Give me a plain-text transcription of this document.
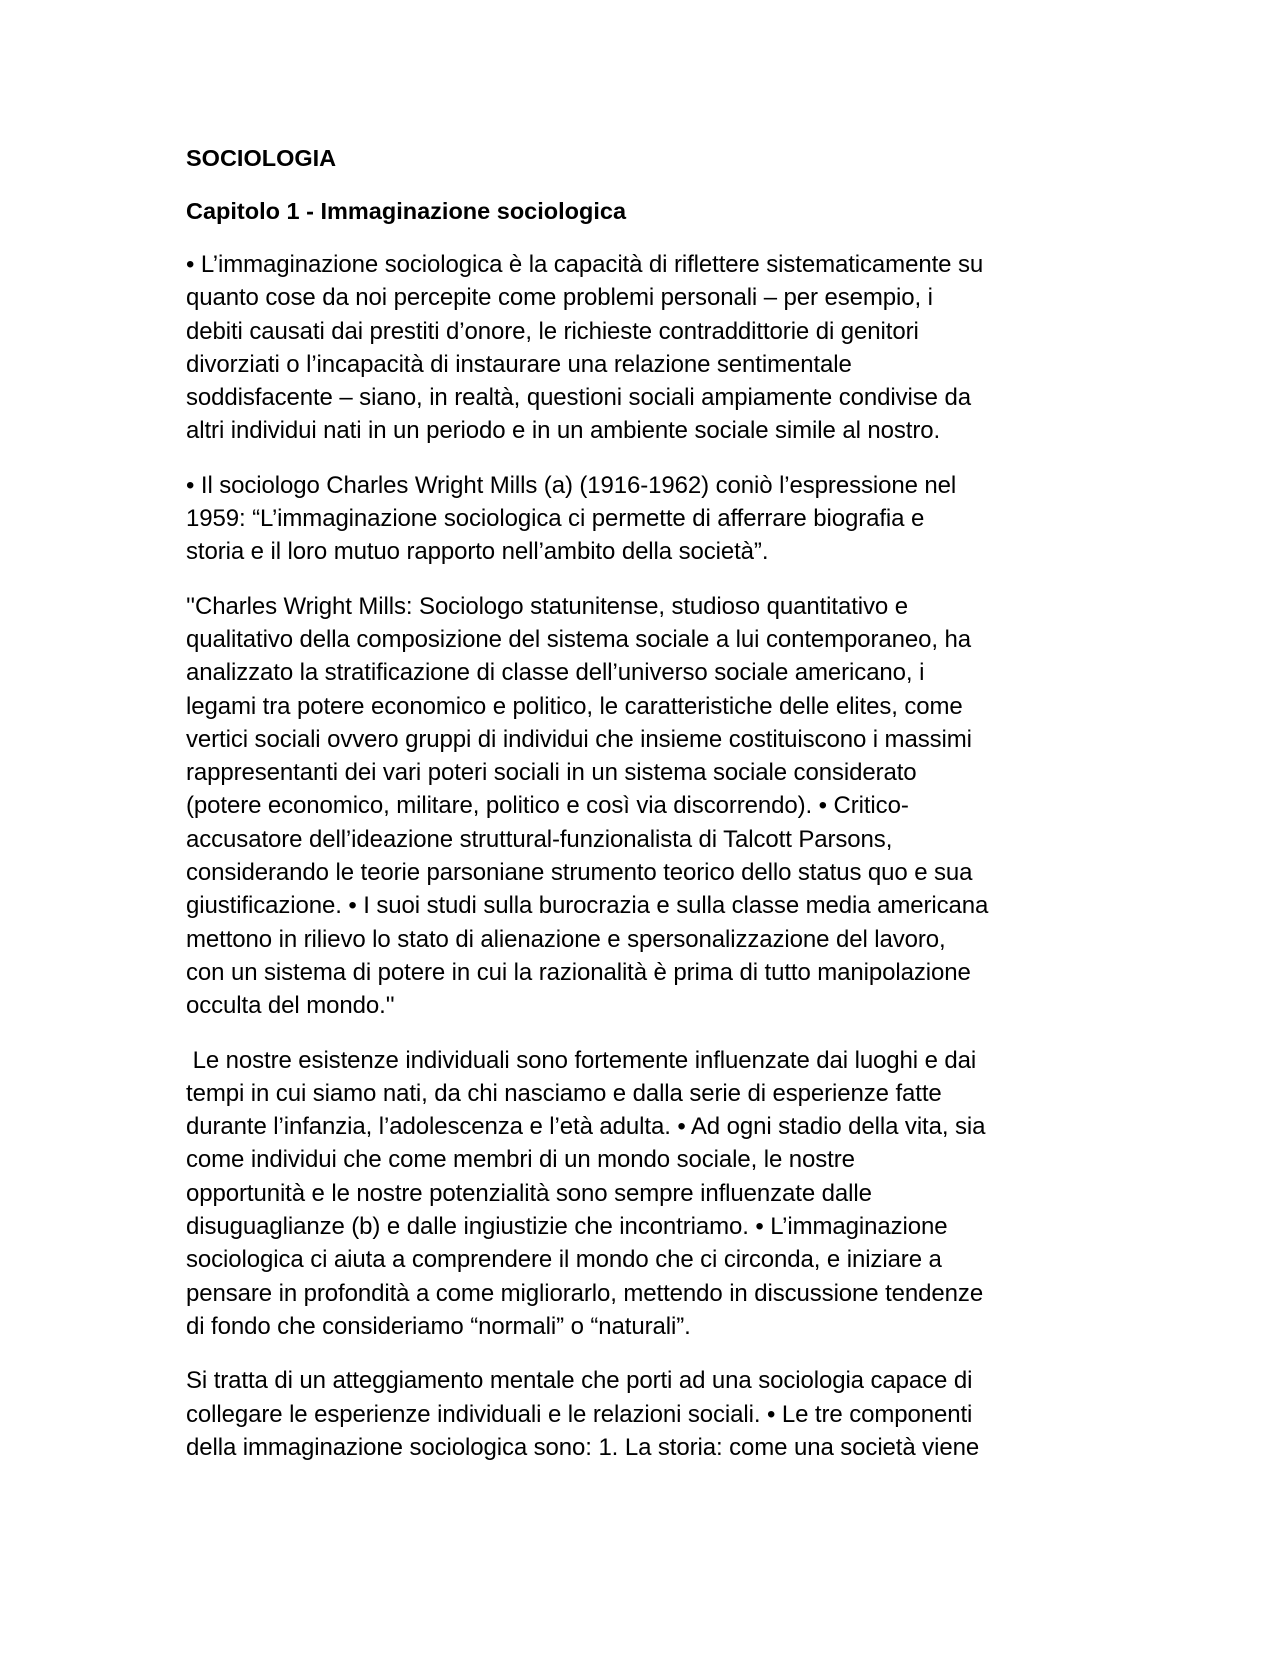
SOCIOLOGIA
Capitolo 1 - Immaginazione sociologica
• L’immaginazione sociologica è la capacità di riflettere sistematicamente su
quanto cose da noi percepite come problemi personali – per esempio, i
debiti causati dai prestiti d’onore, le richieste contraddittorie di genitori
divorziati o l’incapacità di instaurare una relazione sentimentale
soddisfacente – siano, in realtà, questioni sociali ampiamente condivise da
altri individui nati in un periodo e in un ambiente sociale simile al nostro.
• Il sociologo Charles Wright Mills (a) (1916-1962) coniò l’espressione nel
1959: “L’immaginazione sociologica ci permette di afferrare biografia e
storia e il loro mutuo rapporto nell’ambito della società”.
''Charles Wright Mills: Sociologo statunitense, studioso quantitativo e
qualitativo della composizione del sistema sociale a lui contemporaneo, ha
analizzato la stratificazione di classe dell’universo sociale americano, i
legami tra potere economico e politico, le caratteristiche delle elites, come
vertici sociali ovvero gruppi di individui che insieme costituiscono i massimi
rappresentanti dei vari poteri sociali in un sistema sociale considerato
(potere economico, militare, politico e così via discorrendo). • Critico-
accusatore dell’ideazione struttural-funzionalista di Talcott Parsons,
considerando le teorie parsoniane strumento teorico dello status quo e sua
giustificazione. • I suoi studi sulla burocrazia e sulla classe media americana
mettono in rilievo lo stato di alienazione e spersonalizzazione del lavoro,
con un sistema di potere in cui la razionalità è prima di tutto manipolazione
occulta del mondo.''
Le nostre esistenze individuali sono fortemente influenzate dai luoghi e dai
tempi in cui siamo nati, da chi nasciamo e dalla serie di esperienze fatte
durante l’infanzia, l’adolescenza e l’età adulta. • Ad ogni stadio della vita, sia
come individui che come membri di un mondo sociale, le nostre
opportunità e le nostre potenzialità sono sempre influenzate dalle
disuguaglianze (b) e dalle ingiustizie che incontriamo. • L’immaginazione
sociologica ci aiuta a comprendere il mondo che ci circonda, e iniziare a
pensare in profondità a come migliorarlo, mettendo in discussione tendenze
di fondo che consideriamo “normali” o “naturali”.
Si tratta di un atteggiamento mentale che porti ad una sociologia capace di
collegare le esperienze individuali e le relazioni sociali. • Le tre componenti
della immaginazione sociologica sono: 1. La storia: come una società viene
